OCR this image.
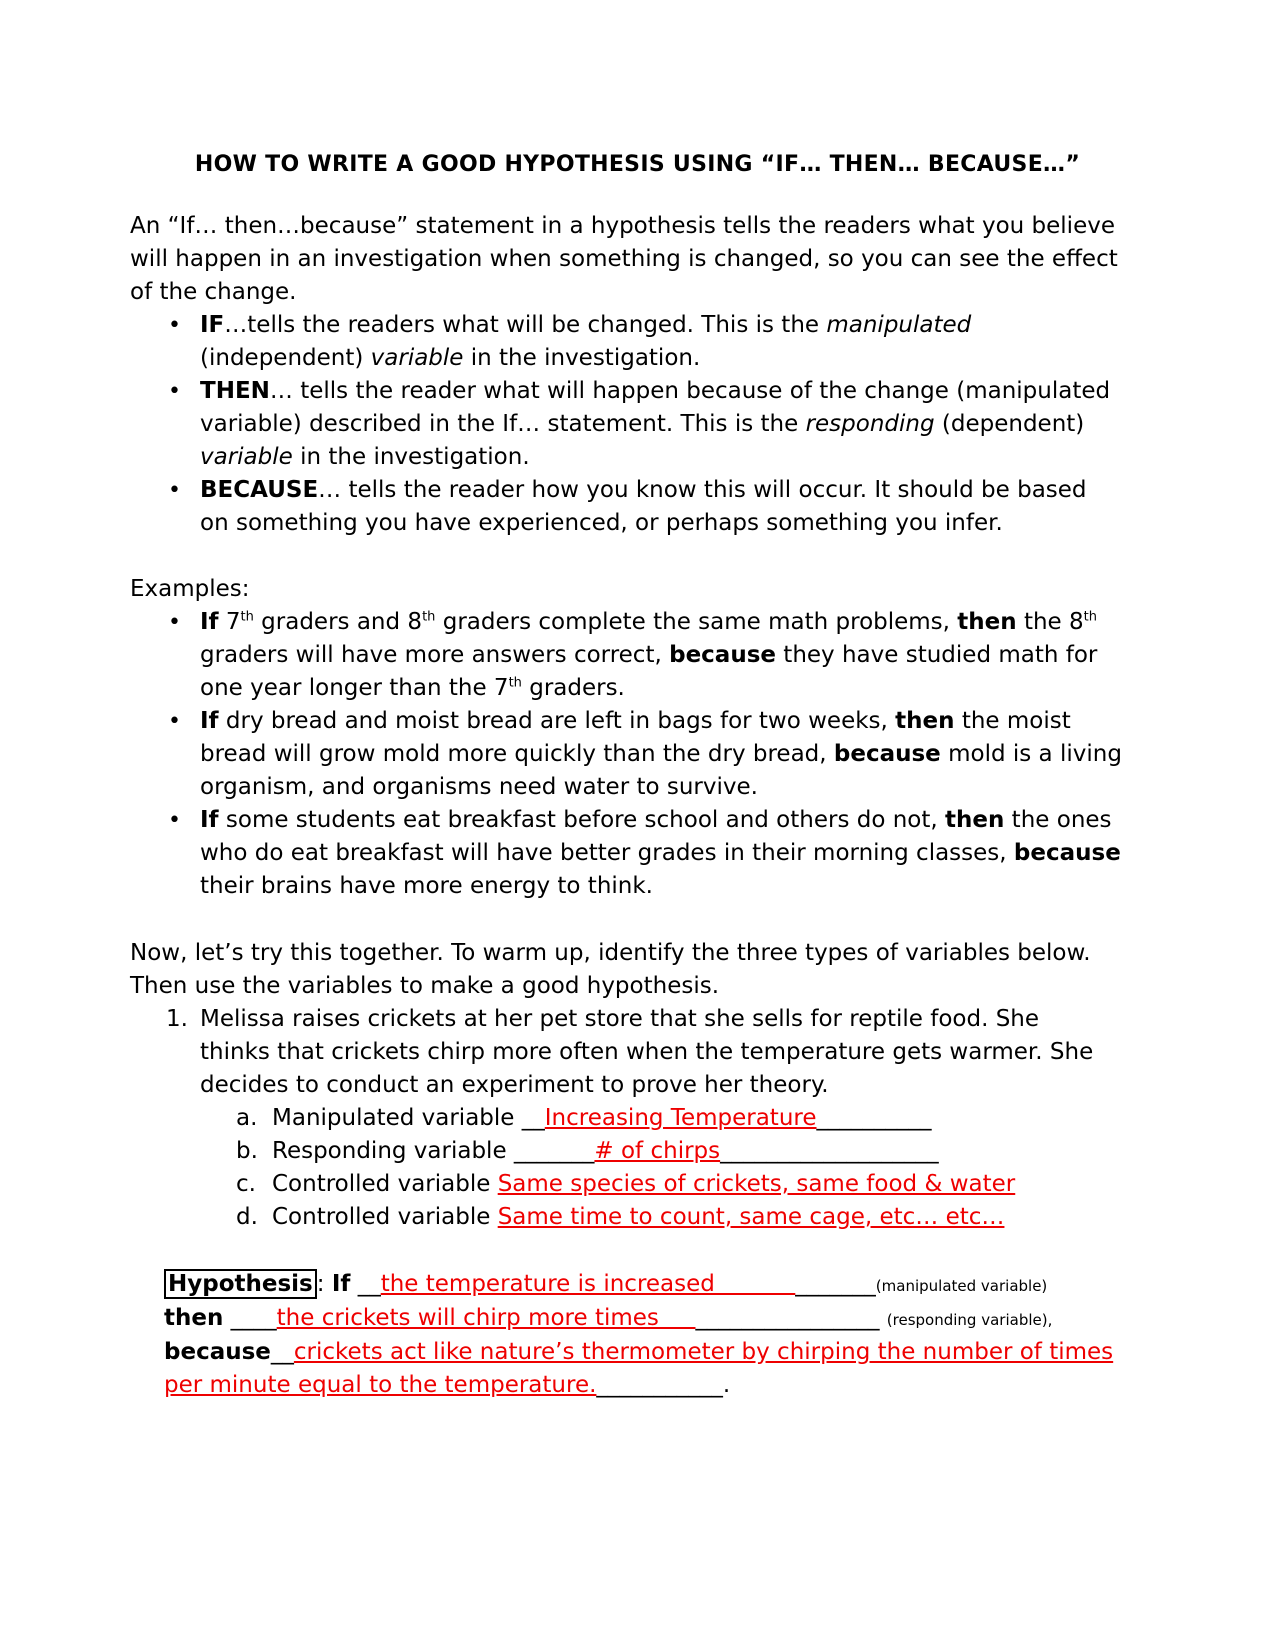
HOW TO WRITE A GOOD HYPOTHESIS USING “IF… THEN… BECAUSE…”
An “If… then…because” statement in a hypothesis tells the readers what you believe
will happen in an investigation when something is changed, so you can see the effect
of the change.
• IF…tells the readers what will be changed. This is the manipulated
(independent) variable in the investigation.
• THEN… tells the reader what will happen because of the change (manipulated
variable) described in the If… statement. This is the responding (dependent)
variable in the investigation.
• BECAUSE… tells the reader how you know this will occur. It should be based
on something you have experienced, or perhaps something you infer.
Examples:
• If 7th graders and 8th graders complete the same math problems, then the 8th
graders will have more answers correct, because they have studied math for
one year longer than the 7th graders.
• If dry bread and moist bread are left in bags for two weeks, then the moist
bread will grow mold more quickly than the dry bread, because mold is a living
organism, and organisms need water to survive.
• If some students eat breakfast before school and others do not, then the ones
who do eat breakfast will have better grades in their morning classes, because
their brains have more energy to think.
Now, let’s try this together. To warm up, identify the three types of variables below.
Then use the variables to make a good hypothesis.
1. Melissa raises crickets at her pet store that she sells for reptile food. She
thinks that crickets chirp more often when the temperature gets warmer. She
decides to conduct an experiment to prove her theory.
a. Manipulated variable __Increasing Temperature__________
b. Responding variable _______# of chirps___________________
c. Controlled variable Same species of crickets, same food & water
d. Controlled variable Same time to count, same cage, etc… etc…
Hypothesis : If __the temperature is increased           _______(manipulated variable)
then ____the crickets will chirp more times     ________________ (responding variable),
because__crickets act like nature’s thermometer by chirping the number of times
per minute equal to the temperature.___________.
